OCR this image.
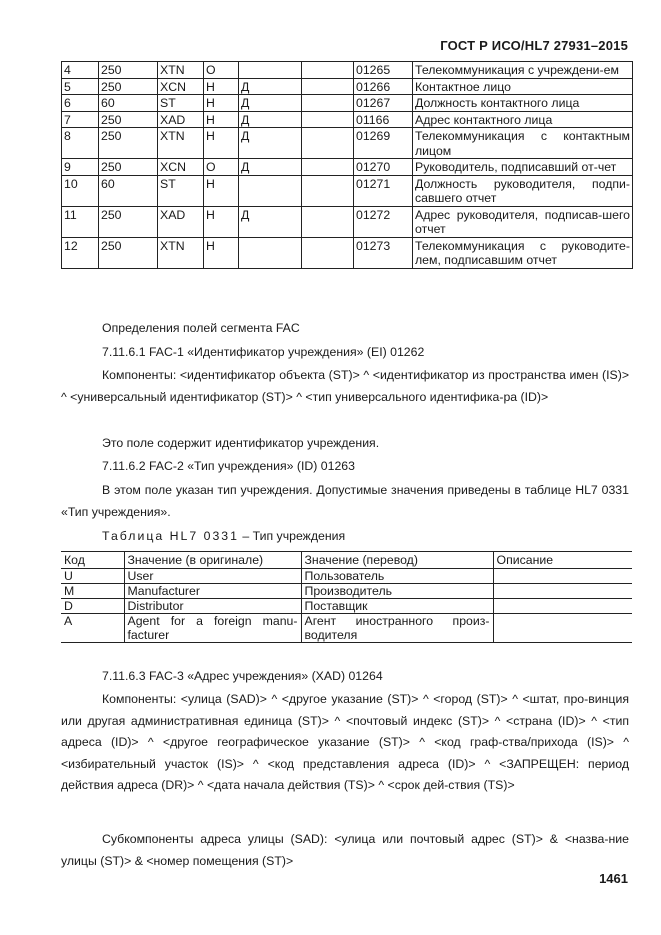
ГОСТ Р ИСО/HL7 27931–2015
4	250	XTN	O			01265	Телекоммуникация с учреждени-ем
5	250	XCN	Н	Д		01266	Контактное лицо
6	60	ST	Н	Д		01267	Должность контактного лица
7	250	XAD	Н	Д		01166	Адрес контактного лица
8	250	XTN	Н	Д		01269	Телекоммуникация с контактным лицом
9	250	XCN	O	Д		01270	Руководитель, подписавший от-чет
10	60	ST	Н			01271	Должность руководителя, подпи-савшего отчет
11	250	XAD	Н	Д		01272	Адрес руководителя, подписав-шего отчет
12	250	XTN	Н			01273	Телекоммуникация с руководите-лем, подписавшим отчет

Определения полей сегмента FAC

7.11.6.1 FAC-1 «Идентификатор учреждения» (EI) 01262

Компоненты: <идентификатор объекта (ST)> ^ <идентификатор из пространства имен (IS)> ^ <универсальный идентификатор (ST)> ^ <тип универсального идентифика-ра (ID)>

Это поле содержит идентификатор учреждения.

7.11.6.2 FAC-2 «Тип учреждения» (ID) 01263

В этом поле указан тип учреждения. Допустимые значения приведены в таблице HL7 0331 «Тип учреждения».

Таблица HL7 0331 – Тип учреждения

Код	Значение (в оригинале)	Значение (перевод)	Описание
U	User	Пользователь	
M	Manufacturer	Производитель	
D	Distributor	Поставщик	
A	Agent for a foreign manu-facturer	Агент иностранного произ-водителя	

7.11.6.3 FAC-3 «Адрес учреждения» (XAD) 01264

Компоненты: <улица (SAD)> ^ <другое указание (ST)> ^ <город (ST)> ^ <штат, про-винция или другая административная единица (ST)> ^ <почтовый индекс (ST)> ^ <страна (ID)> ^ <тип адреса (ID)> ^ <другое географическое указание (ST)> ^ <код граф-ства/прихода (IS)> ^ <избирательный участок (IS)> ^ <код представления адреса (ID)> ^ <ЗАПРЕЩЕН: период действия адреса (DR)> ^ <дата начала действия (TS)> ^ <срок дей-ствия (TS)>

Субкомпоненты адреса улицы (SAD): <улица или почтовый адрес (ST)> & <назва-ние улицы (ST)> & <номер помещения (ST)>

1461
